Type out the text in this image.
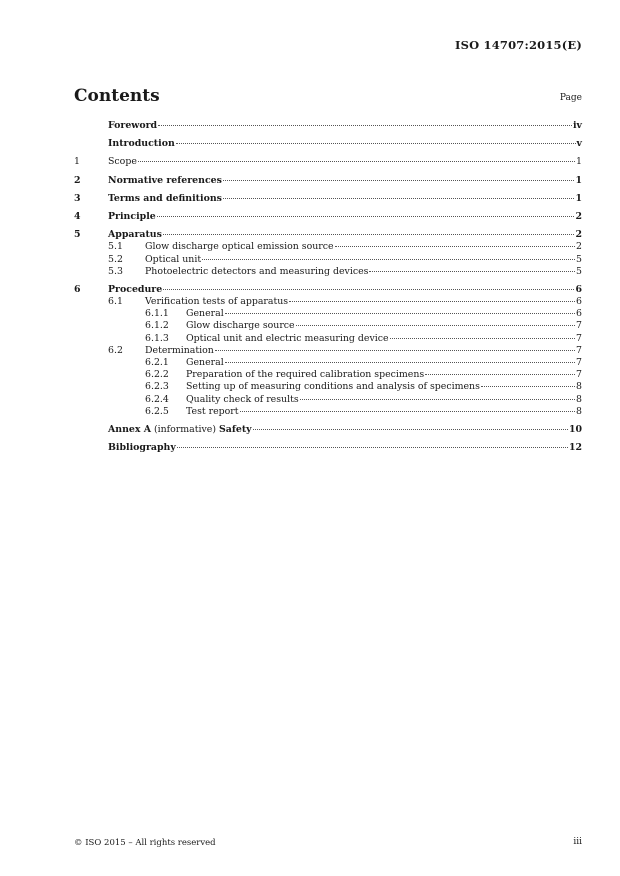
ISO 14707:2015(E)
Contents	Page
Foreword	iv
Introduction	v
1	Scope	1
2	Normative references	1
3	Terms and definitions	1
4	Principle	2
5	Apparatus	2
5.1	Glow discharge optical emission source	2
5.2	Optical unit	5
5.3	Photoelectric detectors and measuring devices	5
6	Procedure	6
6.1	Verification tests of apparatus	6
6.1.1	General	6
6.1.2	Glow discharge source	7
6.1.3	Optical unit and electric measuring device	7
6.2	Determination	7
6.2.1	General	7
6.2.2	Preparation of the required calibration specimens	7
6.2.3	Setting up of measuring conditions and analysis of specimens	8
6.2.4	Quality check of results	8
6.2.5	Test report	8
Annex A (informative) Safety	10
Bibliography	12
© ISO 2015 – All rights reserved	iii
